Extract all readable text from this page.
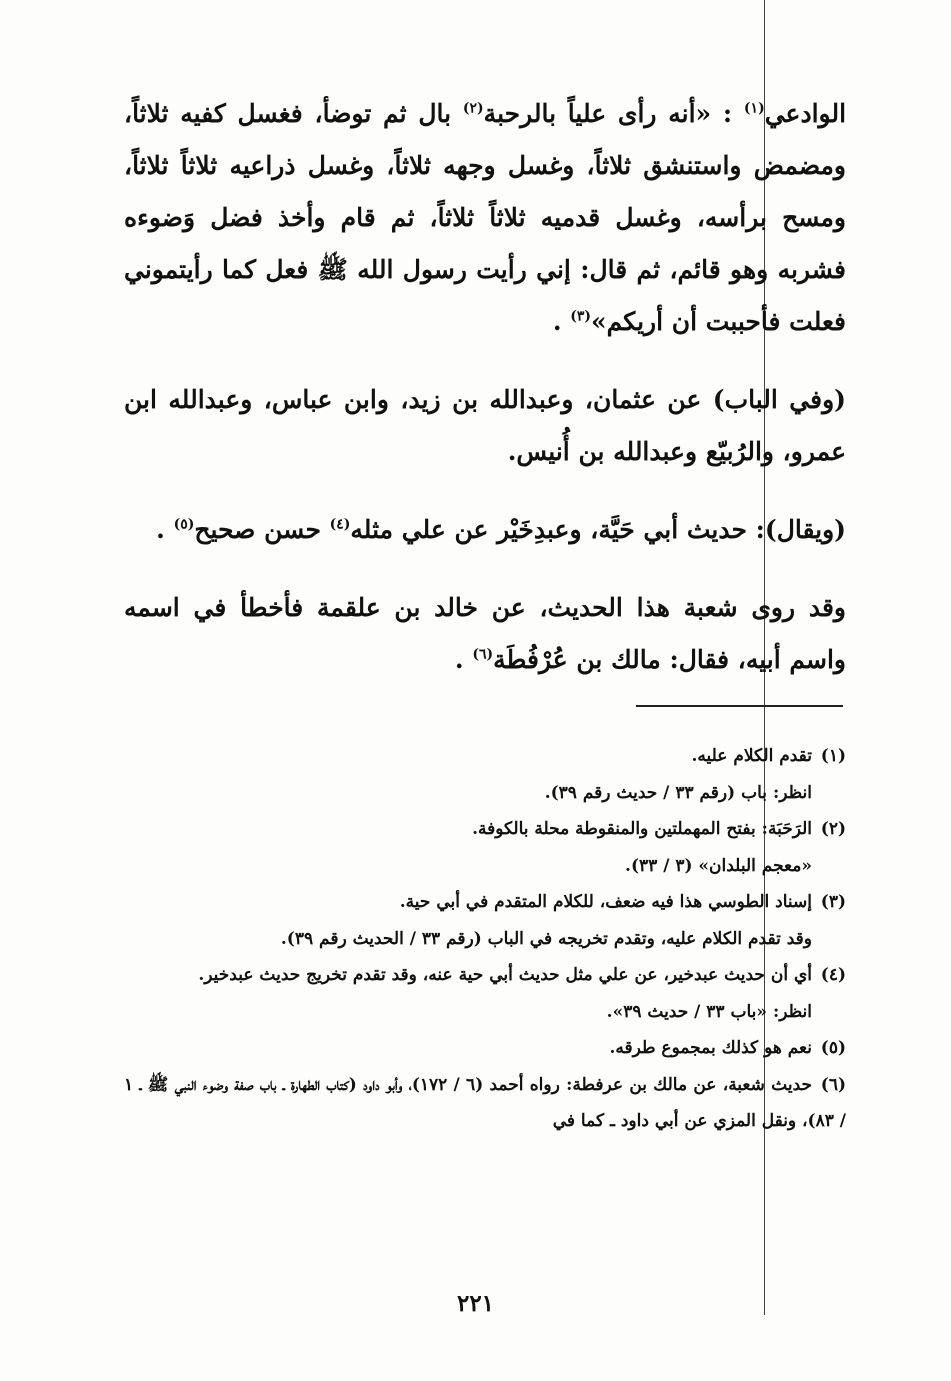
الوادعي$^{(١)}$ : «أنه رأى علياً بالرحبة$^{(٢)}$ بال ثم توضأ، فغسل كفيه ثلاثاً، ومضمض واستنشق ثلاثاً، وغسل وجهه ثلاثاً، وغسل ذراعيه ثلاثاً ثلاثاً، ومسح برأسه، وغسل قدميه ثلاثاً ثلاثاً، ثم قام وأخذ فضل وَضوءه فشربه وهو قائم، ثم قال: إني رأيت رسول الله ﷺ فعل كما رأيتموني فعلت فأحببت أن أريكم»$^{(٣)}$ .

(وفي الباب) عن عثمان، وعبدالله بن زيد، وابن عباس، وعبدالله ابن عمرو، والرُبيّع وعبدالله بن أُنيس.

(ويقال): حديث أبي حَيَّة، وعبدِخَيْر عن علي مثله$^{(٤)}$ حسن صحيح$^{(٥)}$ .

وقد روى شعبة هذا الحديث، عن خالد بن علقمة فأخطأ في اسمه واسم أبيه، فقال: مالك بن عُرْفُطَة$^{(٦)}$ .

(١)تقدم الكلام عليه.

انظر: باب (رقم ٣٣ / حديث رقم ٣٩).

(٢)الرَحَبَة: بفتح المهملتين والمنقوطة محلة بالكوفة.

«معجم البلدان» (٣ / ٣٣).

(٣)إسناد الطوسي هذا فيه ضعف، للكلام المتقدم في أبي حية.

وقد تقدم الكلام عليه، وتقدم تخريجه في الباب (رقم ٣٣ / الحديث رقم ٣٩).

(٤)أي أن حديث عبدخير، عن علي مثل حديث أبي حية عنه، وقد تقدم تخريج حديث عبدخير.

انظر: «باب ٣٣ / حديث ٣٩».

(٥)نعم هو كذلك بمجموع طرقه.

(٦)حديث شعبة، عن مالك بن عرفطة: رواه أحمد (٦ / ١٧٢)، وأبو داود (كتاب الطهارة ـ باب صفة وضوء النبي ﷺ ـ ١ / ٨٣)، ونقل المزي عن أبي داود ـ كما في

٢٢١
